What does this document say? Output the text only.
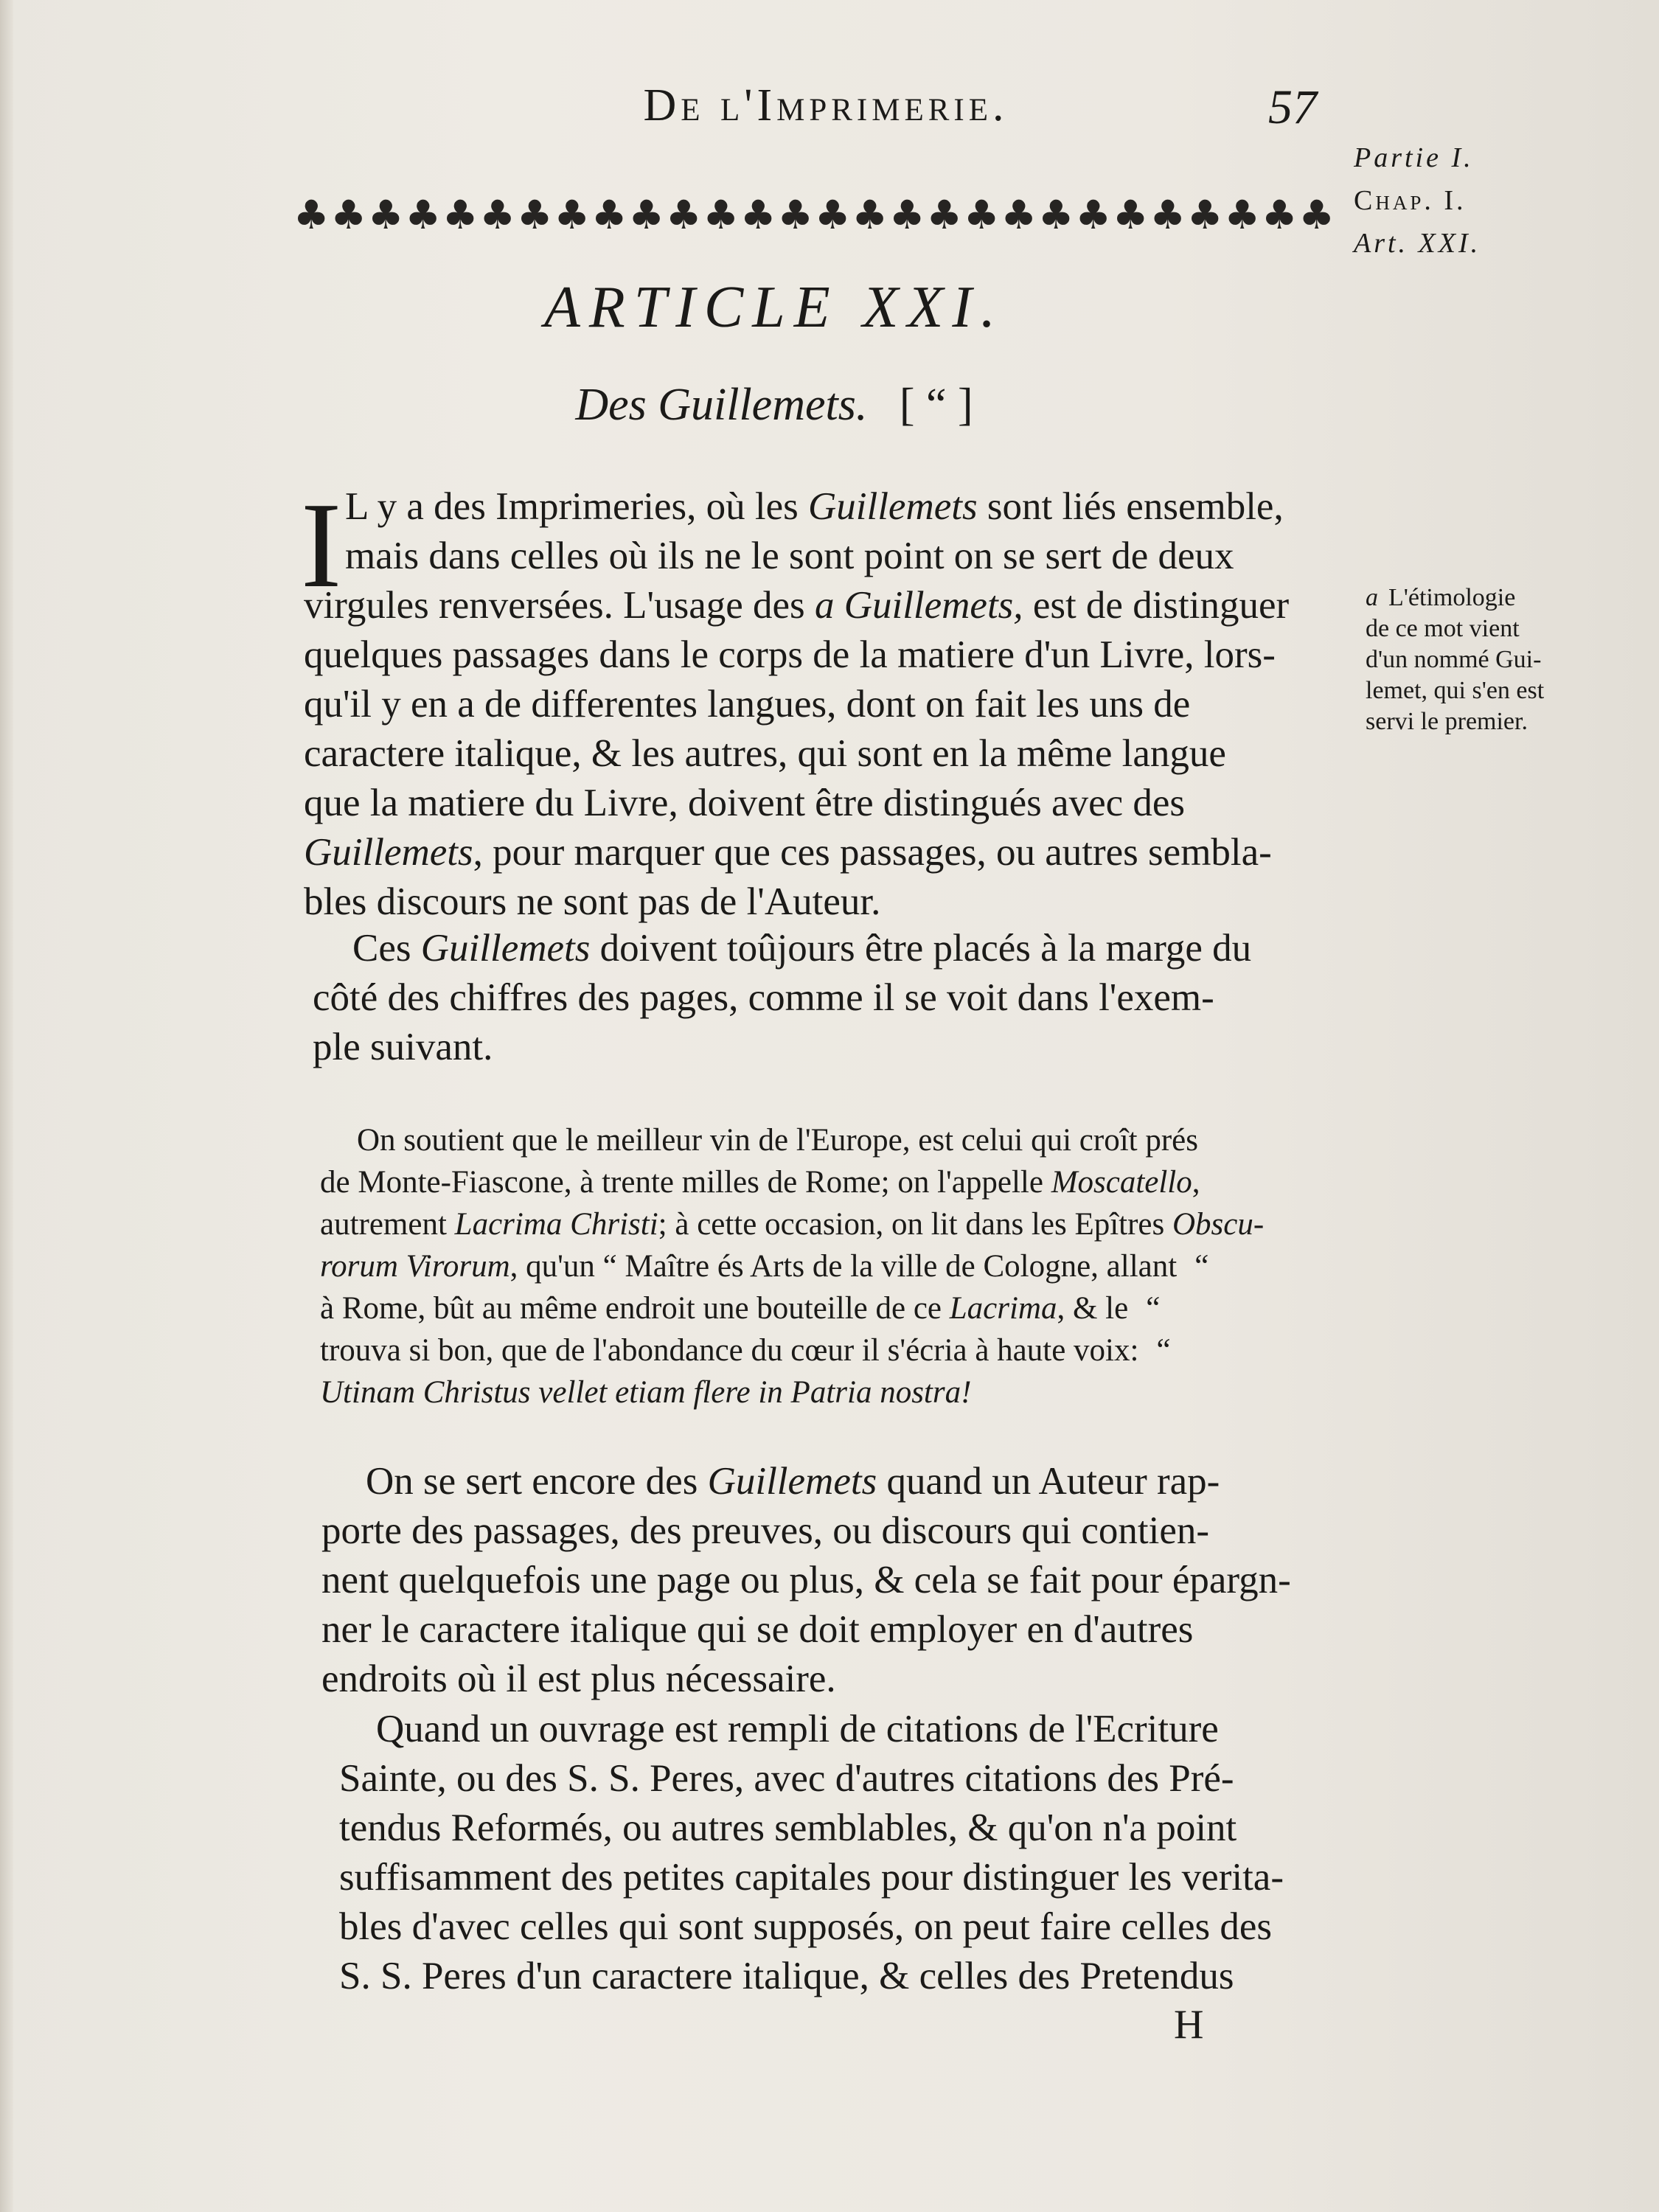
De l'Imprimerie.	57
Partie I.
Chap. I.
Art. XXI.
♣ ♣ ♣ ♣ ♣ ♣ ♣ ♣ ♣ ♣ ♣ ♣ ♣ ♣ ♣ ♣ ♣ ♣ ♣ ♣ ♣ ♣ ♣ ♣ ♣ ♣ ♣ ♣
ARTICLE XXI.
Des Guillemets. [ “ ]
I L y a des Imprimeries, où les Guillemets sont liés ensemble,
mais dans celles où ils ne le sont point on se sert de deux
virgules renversées. L'usage des a Guillemets, est de distinguer
quelques passages dans le corps de la matiere d'un Livre, lors-
qu'il y en a de differentes langues, dont on fait les uns de
caractere italique, & les autres, qui sont en la même langue
que la matiere du Livre, doivent être distingués avec des
Guillemets, pour marquer que ces passages, ou autres sembla-
bles discours ne sont pas de l'Auteur.
Ces Guillemets doivent toûjours être placés à la marge du
côté des chiffres des pages, comme il se voit dans l'exem-
ple suivant.
On soutient que le meilleur vin de l'Europe, est celui qui croît prés
de Monte-Fiascone, à trente milles de Rome; on l'appelle Moscatello,
autrement Lacrima Christi; à cette occasion, on lit dans les Epîtres Obscu-
rorum Virorum, qu'un “ Maître és Arts de la ville de Cologne, allant “
à Rome, bût au même endroit une bouteille de ce Lacrima, & le “
trouva si bon, que de l'abondance du cœur il s'écria à haute voix: “
Utinam Christus vellet etiam flere in Patria nostra!
On se sert encore des Guillemets quand un Auteur rap-
porte des passages, des preuves, ou discours qui contien-
nent quelquefois une page ou plus, & cela se fait pour épargn-
ner le caractere italique qui se doit employer en d'autres
endroits où il est plus nécessaire.
Quand un ouvrage est rempli de citations de l'Ecriture
Sainte, ou des S. S. Peres, avec d'autres citations des Pré-
tendus Reformés, ou autres semblables, & qu'on n'a point
suffisamment des petites capitales pour distinguer les verita-
bles d'avec celles qui sont supposés, on peut faire celles des
S. S. Peres d'un caractere italique, & celles des Pretendus
a L'étimologie
de ce mot vient
d'un nommé Gui-
lemet, qui s'en est
servi le premier.
H
